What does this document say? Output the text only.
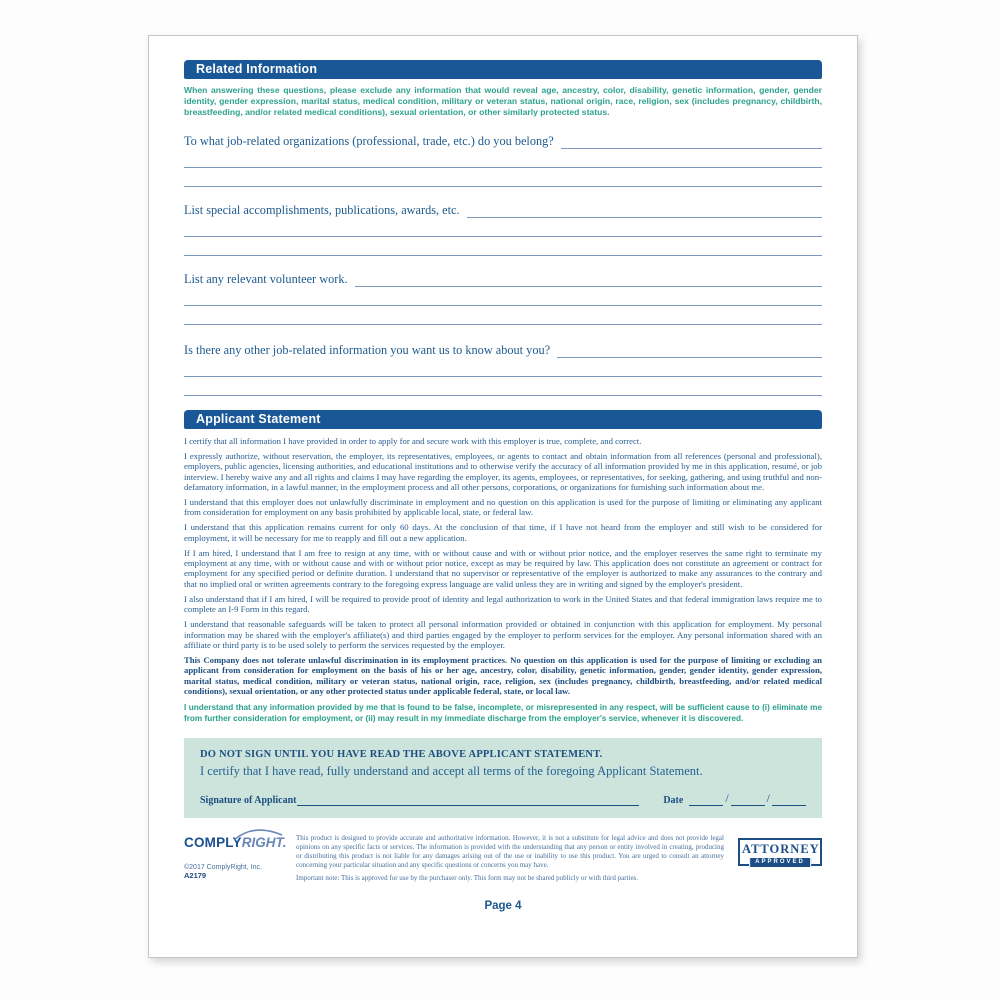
Related Information
When answering these questions, please exclude any information that would reveal age, ancestry, color, disability, genetic information, gender, gender identity, gender expression, marital status, medical condition, military or veteran status, national origin, race, religion, sex (includes pregnancy, childbirth, breastfeeding, and/or related medical conditions), sexual orientation, or other similarly protected status.
To what job-related organizations (professional, trade, etc.) do you belong?
List special accomplishments, publications, awards, etc.
List any relevant volunteer work.
Is there any other job-related information you want us to know about you?
Applicant Statement

I certify that all information I have provided in order to apply for and secure work with this employer is true, complete, and correct.

I expressly authorize, without reservation, the employer, its representatives, employees, or agents to contact and obtain information from all references (personal and professional), employers, public agencies, licensing authorities, and educational institutions and to otherwise verify the accuracy of all information provided by me in this application, resumé, or job interview. I hereby waive any and all rights and claims I may have regarding the employer, its agents, employees, or representatives, for seeking, gathering, and using truthful and non-defamatory information, in a lawful manner, in the employment process and all other persons, corporations, or organizations for furnishing such information about me.

I understand that this employer does not unlawfully discriminate in employment and no question on this application is used for the purpose of limiting or eliminating any applicant from consideration for employment on any basis prohibited by applicable local, state, or federal law.

I understand that this application remains current for only 60 days. At the conclusion of that time, if I have not heard from the employer and still wish to be considered for employment, it will be necessary for me to reapply and fill out a new application.

If I am hired, I understand that I am free to resign at any time, with or without cause and with or without prior notice, and the employer reserves the same right to terminate my employment at any time, with or without cause and with or without prior notice, except as may be required by law. This application does not constitute an agreement or contract for employment for any specified period or definite duration. I understand that no supervisor or representative of the employer is authorized to make any assurances to the contrary and that no implied oral or written agreements contrary to the foregoing express language are valid unless they are in writing and signed by the employer's president.

I also understand that if I am hired, I will be required to provide proof of identity and legal authorization to work in the United States and that federal immigration laws require me to complete an I-9 Form in this regard.

I understand that reasonable safeguards will be taken to protect all personal information provided or obtained in conjunction with this application for employment. My personal information may be shared with the employer's affiliate(s) and third parties engaged by the employer to perform services for the employer. Any personal information shared with an affiliate or third party is to be used solely to perform the services requested by the employer.

This Company does not tolerate unlawful discrimination in its employment practices. No question on this application is used for the purpose of limiting or excluding an applicant from consideration for employment on the basis of his or her age, ancestry, color, disability, genetic information, gender, gender identity, gender expression, marital status, medical condition, military or veteran status, national origin, race, religion, sex (includes pregnancy, childbirth, breastfeeding, and/or related medical conditions), sexual orientation, or any other protected status under applicable federal, state, or local law.

I understand that any information provided by me that is found to be false, incomplete, or misrepresented in any respect, will be sufficient cause to (i) eliminate me from further consideration for employment, or (ii) may result in my immediate discharge from the employer's service, whenever it is discovered.

DO NOT SIGN UNTIL YOU HAVE READ THE ABOVE APPLICANT STATEMENT.
I certify that I have read, fully understand and accept all terms of the foregoing Applicant Statement.
Signature of Applicant	Date	/	/
COMPLYRIGHT.
©2017 ComplyRight, Inc.
A2179
This product is designed to provide accurate and authoritative information. However, it is not a substitute for legal advice and does not provide legal opinions on any specific facts or services. The information is provided with the understanding that any person or entity involved in creating, producing or distributing this product is not liable for any damages arising out of the use or inability to use this product. You are urged to consult an attorney concerning your particular situation and any specific questions or concerns you may have.
Important note: This is approved for use by the purchaser only. This form may not be shared publicly or with third parties.
ATTORNEY
APPROVED
Page 4
